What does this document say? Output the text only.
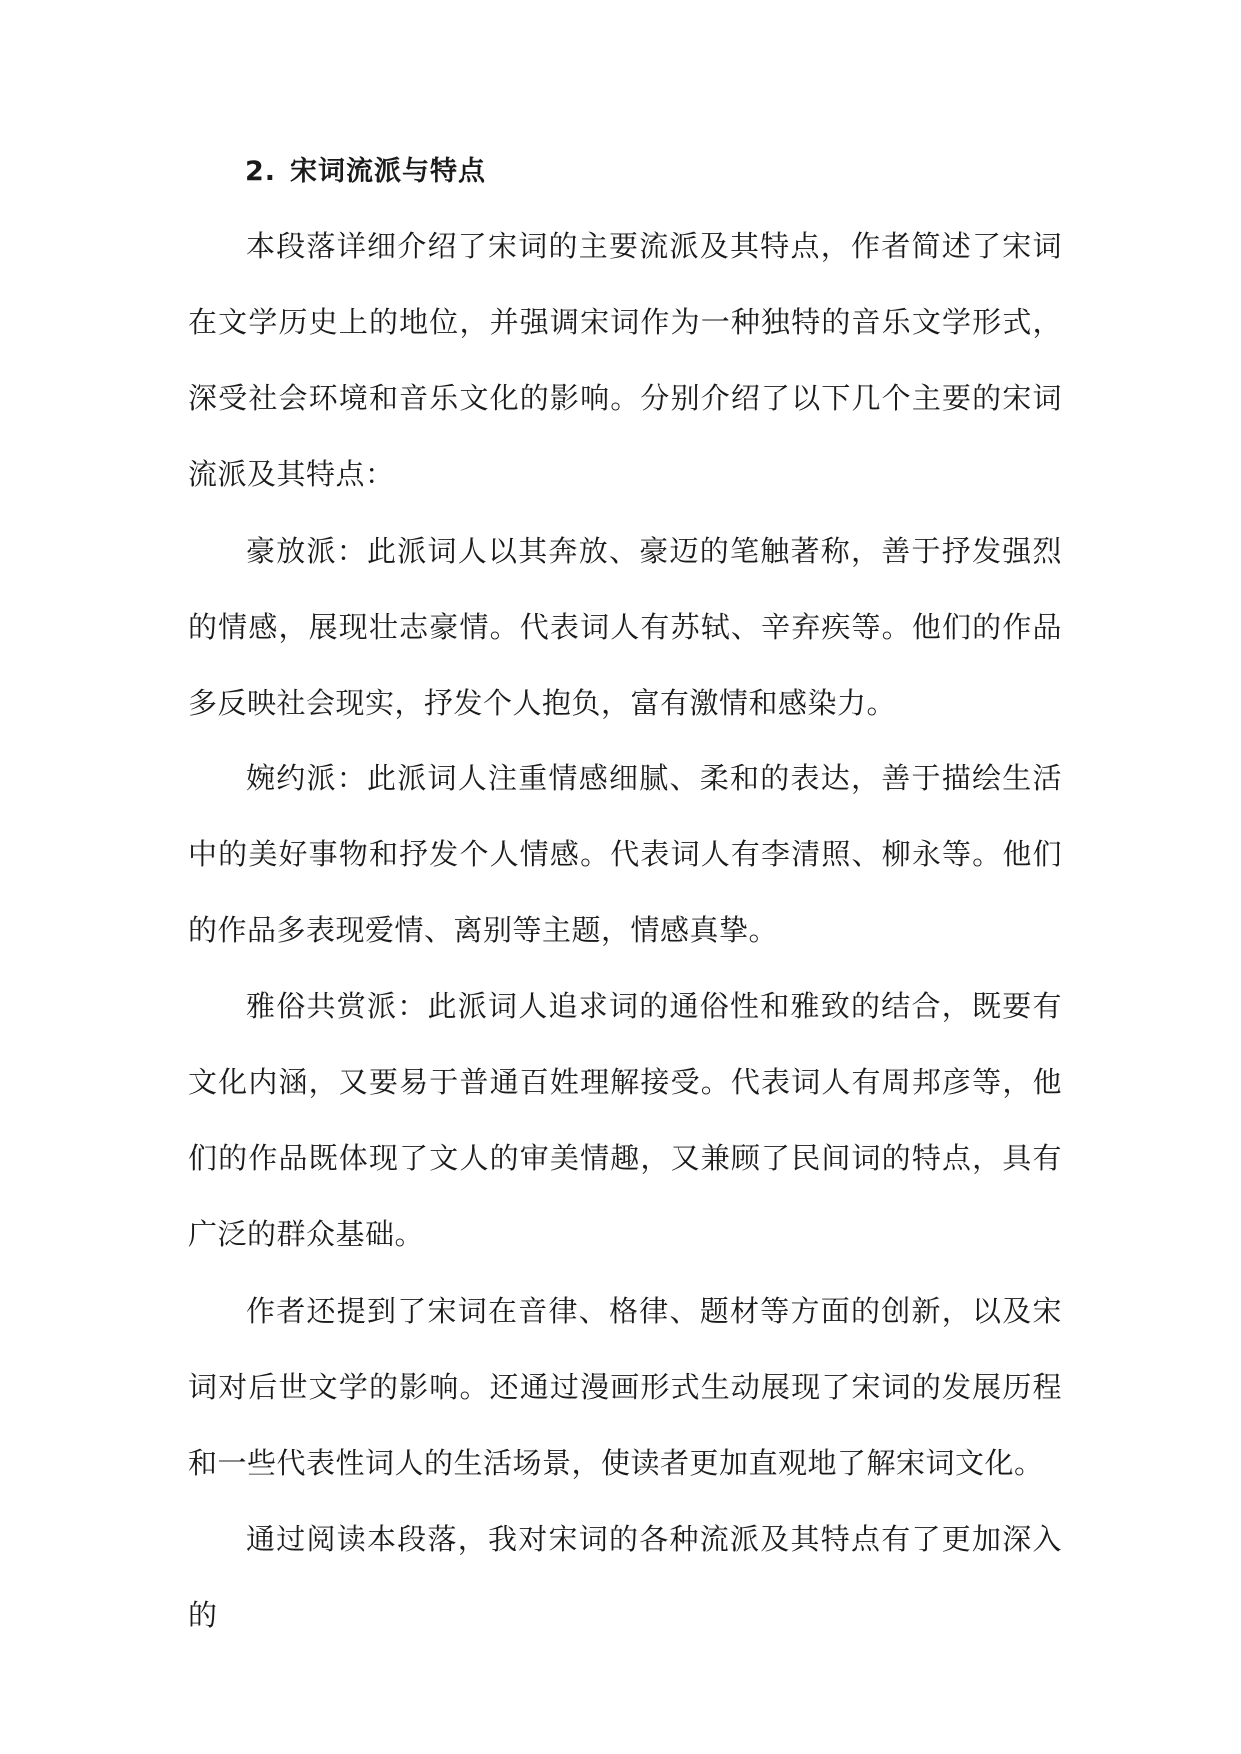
2. 宋词流派与特点

本段落详细介绍了宋词的主要流派及其特点，作者简述了宋词在文学历史上的地位，并强调宋词作为一种独特的音乐文学形式，深受社会环境和音乐文化的影响。分别介绍了以下几个主要的宋词流派及其特点：

豪放派：此派词人以其奔放、豪迈的笔触著称，善于抒发强烈的情感，展现壮志豪情。代表词人有苏轼、辛弃疾等。他们的作品多反映社会现实，抒发个人抱负，富有激情和感染力。

婉约派：此派词人注重情感细腻、柔和的表达，善于描绘生活中的美好事物和抒发个人情感。代表词人有李清照、柳永等。他们的作品多表现爱情、离别等主题，情感真挚。

雅俗共赏派：此派词人追求词的通俗性和雅致的结合，既要有文化内涵，又要易于普通百姓理解接受。代表词人有周邦彦等，他们的作品既体现了文人的审美情趣，又兼顾了民间词的特点，具有广泛的群众基础。

作者还提到了宋词在音律、格律、题材等方面的创新，以及宋词对后世文学的影响。还通过漫画形式生动展现了宋词的发展历程和一些代表性词人的生活场景，使读者更加直观地了解宋词文化。

通过阅读本段落，我对宋词的各种流派及其特点有了更加深入的
